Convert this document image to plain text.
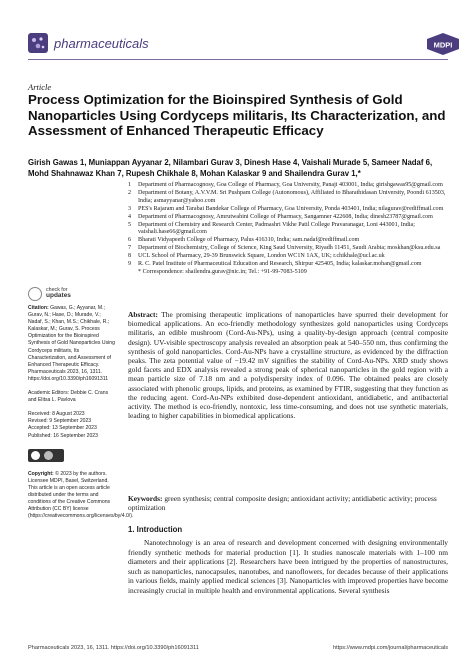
pharmaceuticals	MDPI
Article
Process Optimization for the Bioinspired Synthesis of Gold Nanoparticles Using Cordyceps militaris, Its Characterization, and Assessment of Enhanced Therapeutic Efficacy
Girish Gawas 1, Muniappan Ayyanar 2, Nilambari Gurav 3, Dinesh Hase 4, Vaishali Murade 5, Sameer Nadaf 6, Mohd Shahnawaz Khan 7, Rupesh Chikhale 8, Mohan Kalaskar 9 and Shailendra Gurav 1,*
1 Department of Pharmacognosy, Goa College of Pharmacy, Goa University, Panaji 403001, India; girishgawas95@gmail.com
2 Department of Botany, A.V.V.M. Sri Pushpam College (Autonomous), Affiliated to Bharathidasan University, Poondi 613503, India; asmayyanar@yahoo.com
3 PES's Rajaram and Tarabai Bandekar College of Pharmacy, Goa University, Ponda 403401, India; nilagurav@rediffmail.com
4 Department of Pharmacognosy, Amrutwahini College of Pharmacy, Sangamner 422608, India; dinesh23787@gmail.com
5 Department of Chemistry and Research Center, Padmashri Vikhe Patil College Pravaranagar, Loni 443001, India; vaishali.hase66@gmail.com
6 Bharati Vidyapeeth College of Pharmacy, Palus 416310, India; sam.nadaf@rediffmail.com
7 Department of Biochemistry, College of Science, King Saud University, Riyadh 11451, Saudi Arabia; moskhan@ksu.edu.sa
8 UCL School of Pharmacy, 29-39 Brunswick Square, London WC1N 1AX, UK; r.chikhale@ucl.ac.uk
9 R. C. Patel Institute of Pharmaceutical Education and Research, Shirpur 425405, India; kalaskar.mohan@gmail.com
* Correspondence: shailendra.gurav@nic.in; Tel.: +91-99-7083-5109
check for
updates

Citation: Gawas, G.; Ayyanar, M.; Gurav, N.; Hase, D.; Murade, V.; Nadaf, S.; Khan, M.S.; Chikhale, R.; Kalaskar, M.; Gurav, S. Process Optimization for the Bioinspired Synthesis of Gold Nanoparticles Using Cordyceps militaris, Its Characterization, and Assessment of Enhanced Therapeutic Efficacy. Pharmaceuticals 2023, 16, 1311. https://doi.org/10.3390/ph16091311

Academic Editors: Debbie C. Crans and Elitsa L. Pavlova

Received: 8 August 2023
Revised: 9 September 2023
Accepted: 13 September 2023
Published: 16 September 2023

Copyright: © 2023 by the authors. Licensee MDPI, Basel, Switzerland. This article is an open access article distributed under the terms and conditions of the Creative Commons Attribution (CC BY) license (https://creativecommons.org/licenses/by/4.0/).

Abstract: The promising therapeutic implications of nanoparticles have spurred their development for biomedical applications. An eco-friendly methodology synthesizes gold nanoparticles using Cordyceps militaris, an edible mushroom (Cord-Au-NPs), using a quality-by-design approach (central composite design). UV-visible spectroscopy analysis revealed an absorption peak at 540–550 nm, thus confirming the synthesis of gold nanoparticles. Cord-Au-NPs have a crystalline structure, as evidenced by the diffraction peaks. The zeta potential value of −19.42 mV signifies the stability of Cord-Au-NPs. XRD study shows gold facets and EDX analysis revealed a strong peak of spherical nanoparticles in the gold region with a mean particle size of 7.18 nm and a polydispersity index of 0.096. The obtained peaks are closely associated with phenolic groups, lipids, and proteins, as examined by FTIR, suggesting that they function as the reducing agent. Cord-Au-NPs exhibited dose-dependent antioxidant, antidiabetic, and antibacterial activity. The method is eco-friendly, nontoxic, less time-consuming, and does not use synthetic materials, leading to higher capabilities in biomedical applications.
Keywords: green synthesis; central composite design; antioxidant activity; antidiabetic activity; process optimization
1. Introduction

Nanotechnology is an area of research and development concerned with designing environmentally friendly synthetic methods for material production [1]. It studies nanoscale materials with 1–100 nm diameters and their applications [2]. Researchers have been intrigued by the properties of nanostructures, such as nanoparticles, nanocapsules, nanotubes, and nanoflowers, for decades because of their applications in various fields, mainly applied medical sciences [3]. Nanoparticles with improved properties have become increasingly crucial in multiple health and environmental applications. Several synthesis

Pharmaceuticals 2023, 16, 1311. https://doi.org/10.3390/ph16091311	https://www.mdpi.com/journal/pharmaceuticals
